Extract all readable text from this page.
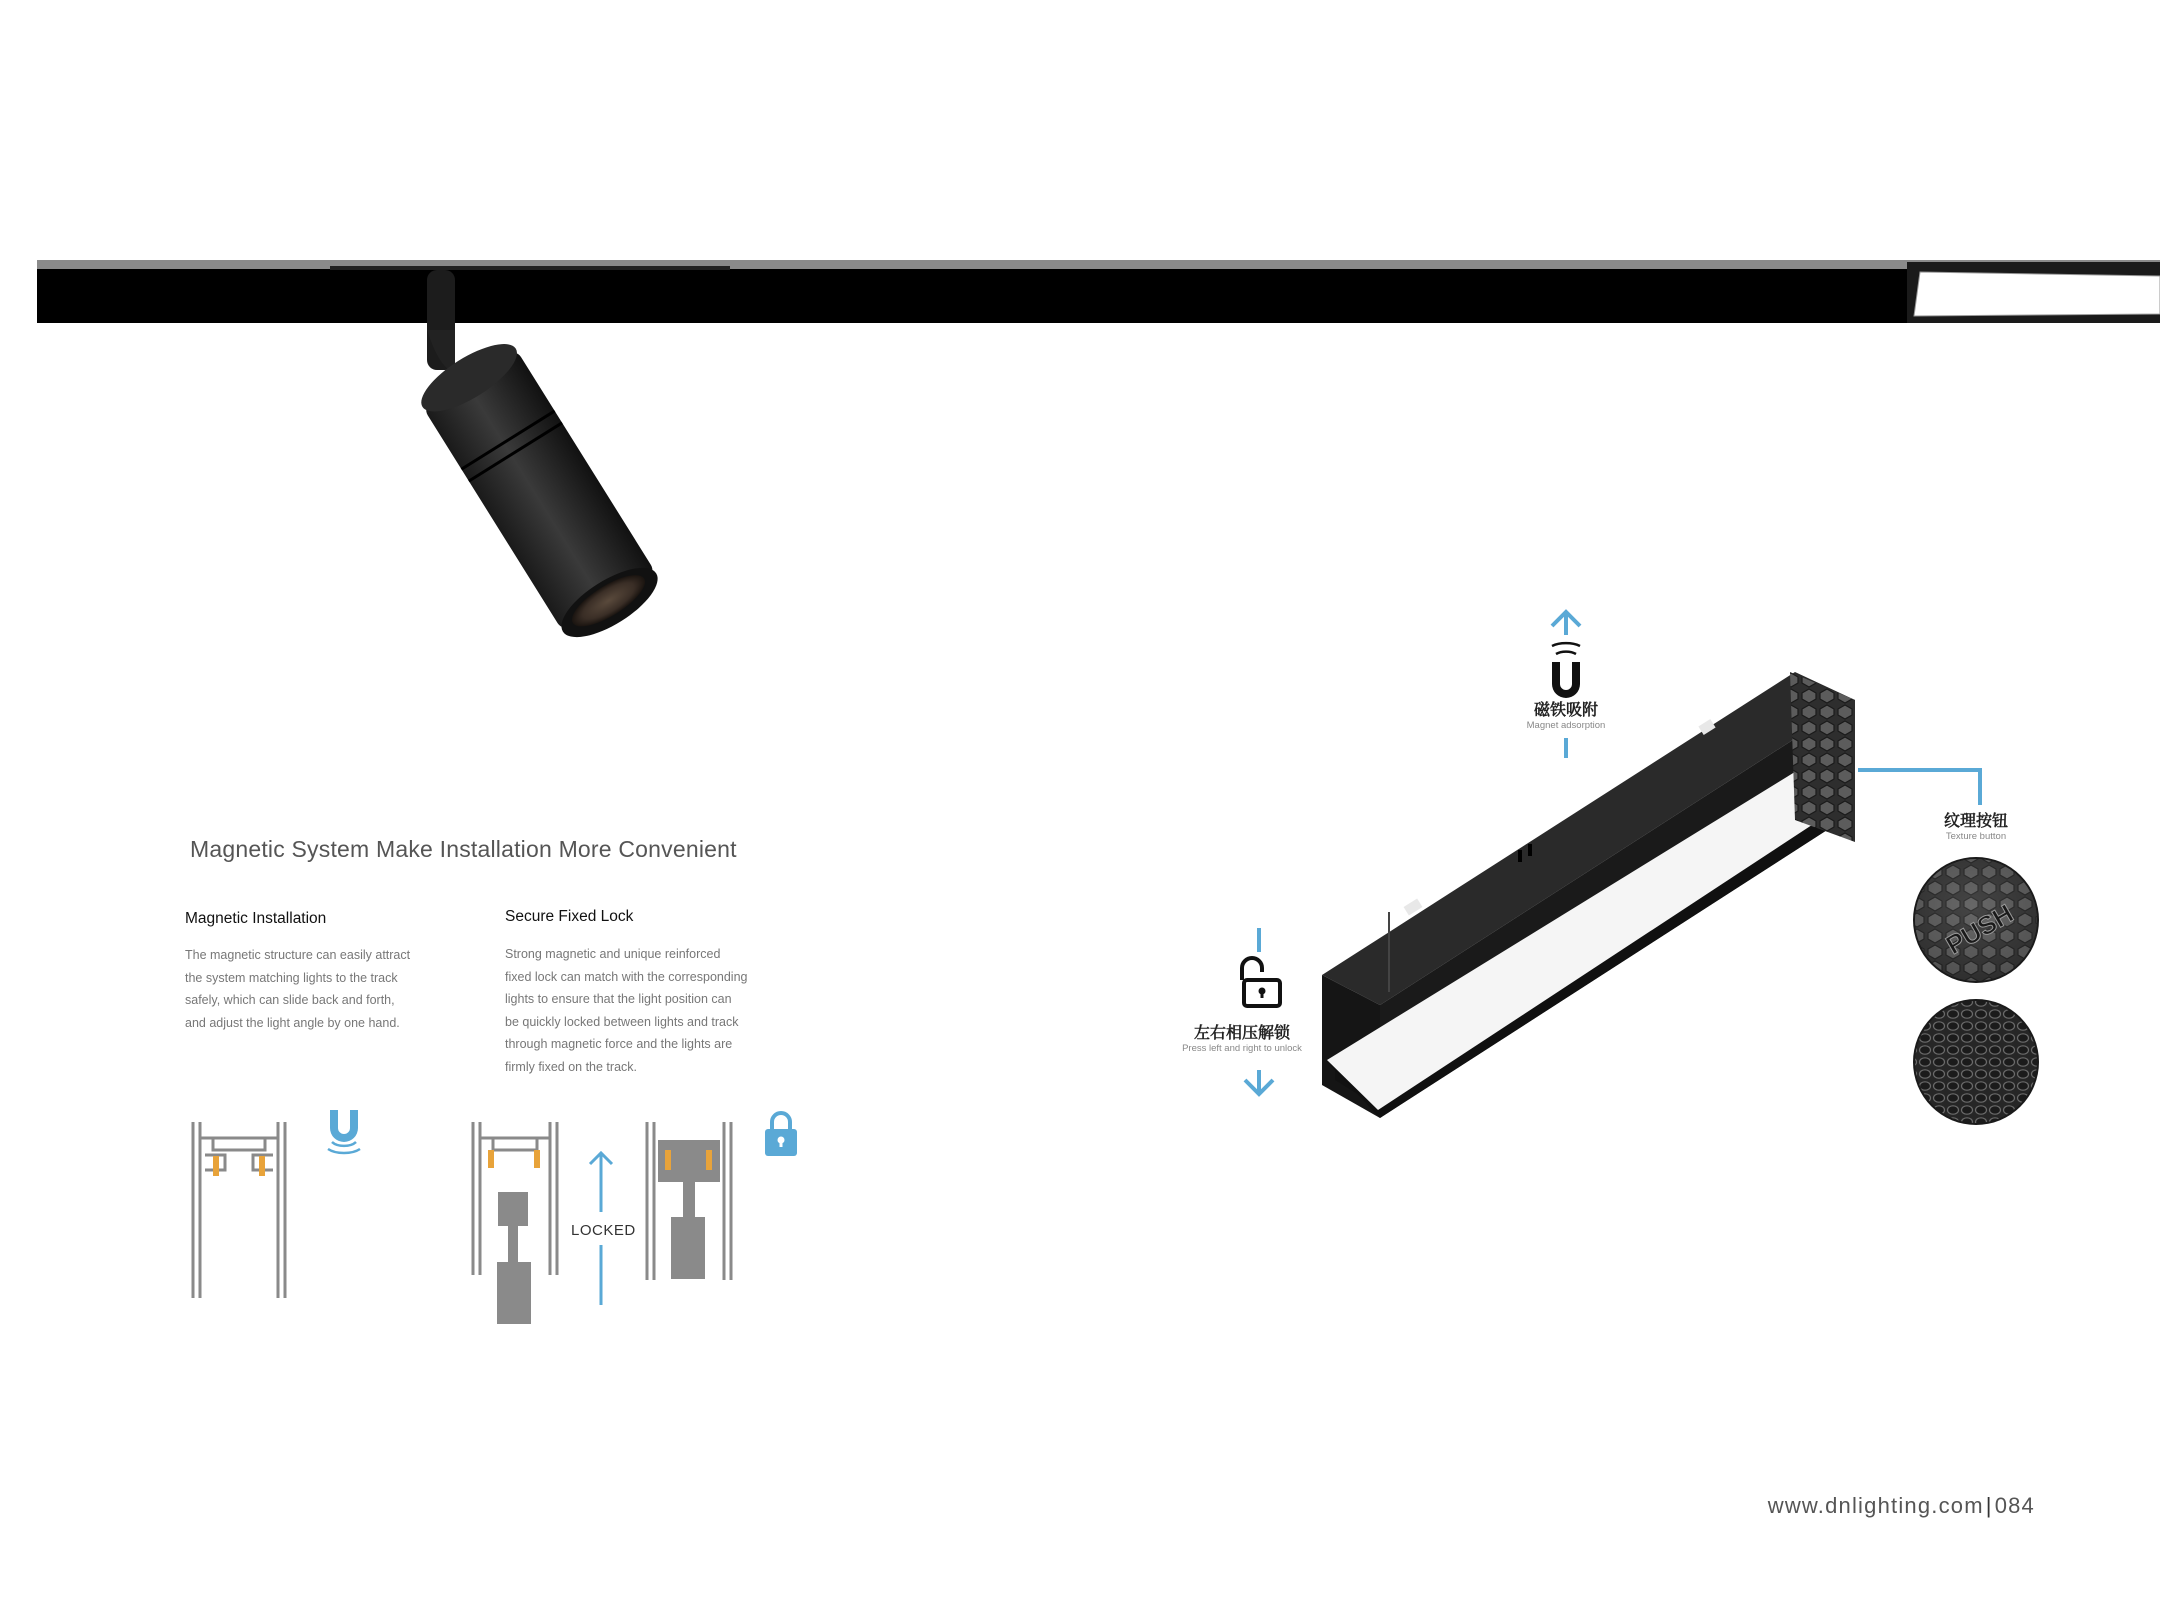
PUSH
Magnetic System Make Installation More Convenient
Magnetic Installation
The magnetic structure can easily attract
the system matching lights to the track
safely, which can slide back and forth,
and adjust the light angle by one hand.
Secure Fixed Lock
Strong magnetic and unique reinforced
fixed lock can match with the corresponding
lights to ensure that the light position can
be quickly locked between lights and track
through magnetic force and the lights are
firmly fixed on the track.
LOCKED
磁铁吸附
Magnet adsorption
纹理按钮
Texture button
左右相压解锁
Press left and right to unlock
www.dnlighting.com|084
